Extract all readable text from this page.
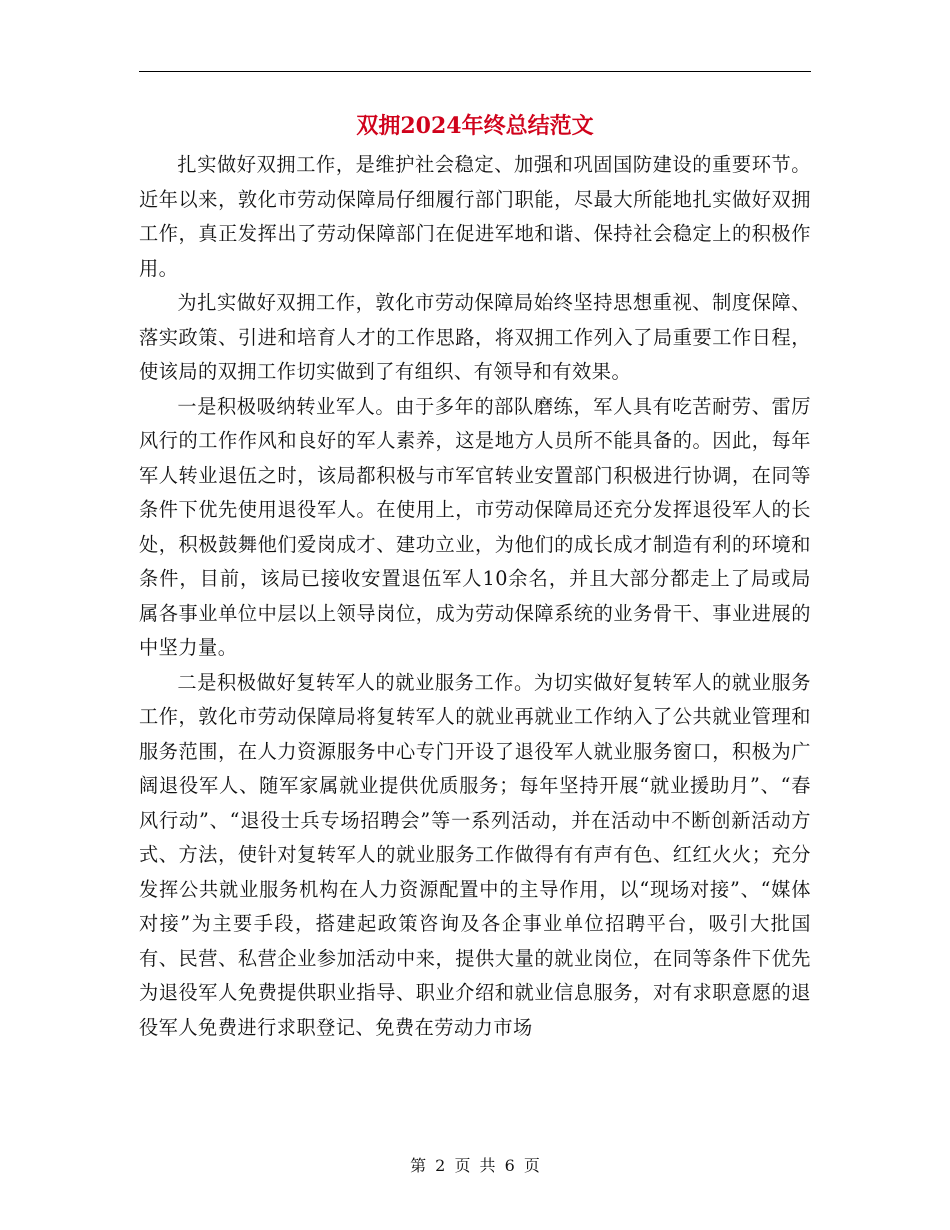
双拥2024年终总结范文

扎实做好双拥工作，是维护社会稳定、加强和巩固国防建设的重要环节。近年以来，敦化市劳动保障局仔细履行部门职能，尽最大所能地扎实做好双拥工作，真正发挥出了劳动保障部门在促进军地和谐、保持社会稳定上的积极作用。

为扎实做好双拥工作，敦化市劳动保障局始终坚持思想重视、制度保障、落实政策、引进和培育人才的工作思路，将双拥工作列入了局重要工作日程，使该局的双拥工作切实做到了有组织、有领导和有效果。

一是积极吸纳转业军人。由于多年的部队磨练，军人具有吃苦耐劳、雷厉风行的工作作风和良好的军人素养，这是地方人员所不能具备的。因此，每年军人转业退伍之时，该局都积极与市军官转业安置部门积极进行协调，在同等条件下优先使用退役军人。在使用上，市劳动保障局还充分发挥退役军人的长处，积极鼓舞他们爱岗成才、建功立业，为他们的成长成才制造有利的环境和条件，目前，该局已接收安置退伍军人10余名，并且大部分都走上了局或局属各事业单位中层以上领导岗位，成为劳动保障系统的业务骨干、事业进展的中坚力量。

二是积极做好复转军人的就业服务工作。为切实做好复转军人的就业服务工作，敦化市劳动保障局将复转军人的就业再就业工作纳入了公共就业管理和服务范围，在人力资源服务中心专门开设了退役军人就业服务窗口，积极为广阔退役军人、随军家属就业提供优质服务；每年坚持开展“就业援助月”、“春风行动”、“退役士兵专场招聘会”等一系列活动，并在活动中不断创新活动方式、方法，使针对复转军人的就业服务工作做得有有声有色、红红火火；充分发挥公共就业服务机构在人力资源配置中的主导作用，以“现场对接”、“媒体对接”为主要手段，搭建起政策咨询及各企事业单位招聘平台，吸引大批国有、民营、私营企业参加活动中来，提供大量的就业岗位，在同等条件下优先为退役军人免费提供职业指导、职业介绍和就业信息服务，对有求职意愿的退役军人免费进行求职登记、免费在劳动力市场

第 2 页 共 6 页
